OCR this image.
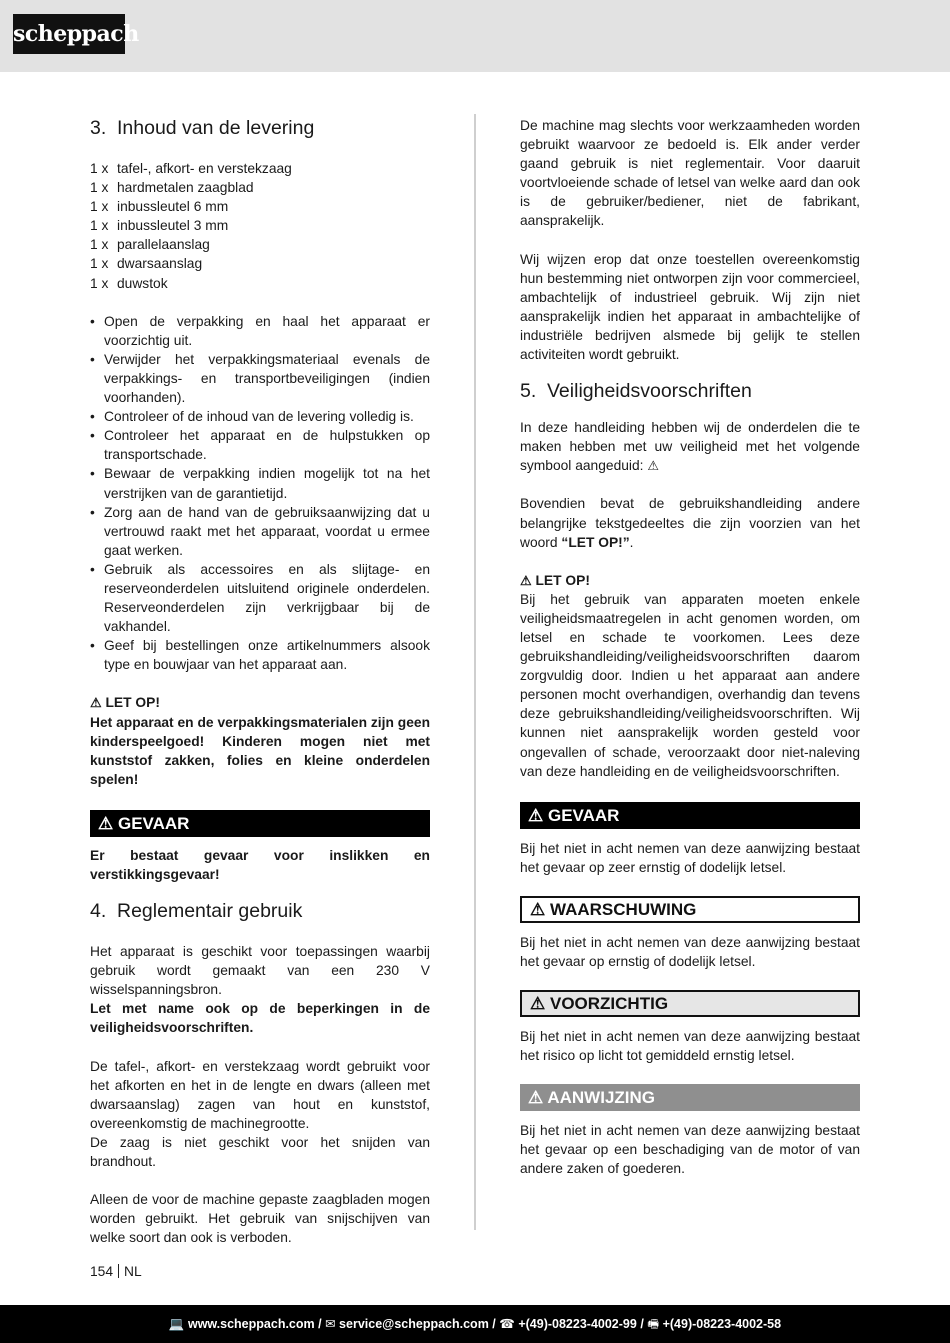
scheppach
3. Inhoud van de levering
1 x tafel-, afkort- en verstekzaag
1 x hardmetalen zaagblad
1 x inbussleutel 6 mm
1 x inbussleutel 3 mm
1 x parallelaanslag
1 x dwarsaanslag
1 x duwstok
• Open de verpakking en haal het apparaat er voorzichtig uit.
• Verwijder het verpakkingsmateriaal evenals de verpakkings- en transportbeveiligingen (indien voorhanden).
• Controleer of de inhoud van de levering volledig is.
• Controleer het apparaat en de hulpstukken op transportschade.
• Bewaar de verpakking indien mogelijk tot na het verstrijken van de garantietijd.
• Zorg aan de hand van de gebruiksaanwijzing dat u vertrouwd raakt met het apparaat, voordat u ermee gaat werken.
• Gebruik als accessoires en als slijtage- en reserveonderdelen uitsluitend originele onderdelen. Reserveonderdelen zijn verkrijgbaar bij de vakhandel.
• Geef bij bestellingen onze artikelnummers alsook type en bouwjaar van het apparaat aan.
⚠ LET OP!

Het apparaat en de verpakkingsmaterialen zijn geen kinderspeelgoed! Kinderen mogen niet met kunststof zakken, folies en kleine onderdelen spelen!

⚠ GEVAAR

Er bestaat gevaar voor inslikken en verstikkingsgevaar!

4. Reglementair gebruik

Het apparaat is geschikt voor toepassingen waarbij gebruik wordt gemaakt van een 230 V wisselspanningsbron.

Let met name ook op de beperkingen in de veiligheidsvoorschriften.

De tafel-, afkort- en verstekzaag wordt gebruikt voor het afkorten en het in de lengte en dwars (alleen met dwarsaanslag) zagen van hout en kunststof, overeenkomstig de machinegrootte.

De zaag is niet geschikt voor het snijden van brandhout.

Alleen de voor de machine gepaste zaagbladen mogen worden gebruikt. Het gebruik van snijschijven van welke soort dan ook is verboden.

De machine mag slechts voor werkzaamheden worden gebruikt waarvoor ze bedoeld is. Elk ander verder gaand gebruik is niet reglementair. Voor daaruit voortvloeiende schade of letsel van welke aard dan ook is de gebruiker/bediener, niet de fabrikant, aansprakelijk.

Wij wijzen erop dat onze toestellen overeenkomstig hun bestemming niet ontworpen zijn voor commercieel, ambachtelijk of industrieel gebruik. Wij zijn niet aansprakelijk indien het apparaat in ambachtelijke of industriële bedrijven alsmede bij gelijk te stellen activiteiten wordt gebruikt.

5. Veiligheidsvoorschriften

In deze handleiding hebben wij de onderdelen die te maken hebben met uw veiligheid met het volgende symbool aangeduid: ⚠

Bovendien bevat de gebruikshandleiding andere belangrijke tekstgedeeltes die zijn voorzien van het woord “LET OP!”.

⚠ LET OP!

Bij het gebruik van apparaten moeten enkele veiligheidsmaatregelen in acht genomen worden, om letsel en schade te voorkomen. Lees deze gebruikshandleiding/veiligheidsvoorschriften daarom zorgvuldig door. Indien u het apparaat aan andere personen mocht overhandigen, overhandig dan tevens deze gebruikshandleiding/veiligheidsvoorschriften. Wij kunnen niet aansprakelijk worden gesteld voor ongevallen of schade, veroorzaakt door niet-naleving van deze handleiding en de veiligheidsvoorschriften.

⚠ GEVAAR

Bij het niet in acht nemen van deze aanwijzing bestaat het gevaar op zeer ernstig of dodelijk letsel.

⚠ WAARSCHUWING

Bij het niet in acht nemen van deze aanwijzing bestaat het gevaar op ernstig of dodelijk letsel.

⚠ VOORZICHTIG

Bij het niet in acht nemen van deze aanwijzing bestaat het risico op licht tot gemiddeld ernstig letsel.

⚠ AANWIJZING

Bij het niet in acht nemen van deze aanwijzing bestaat het gevaar op een beschadiging van de motor of van andere zaken of goederen.

154 NL
💻 www.scheppach.com / ✉ service@scheppach.com / ☎ +(49)-08223-4002-99 / 🖷 +(49)-08223-4002-58
